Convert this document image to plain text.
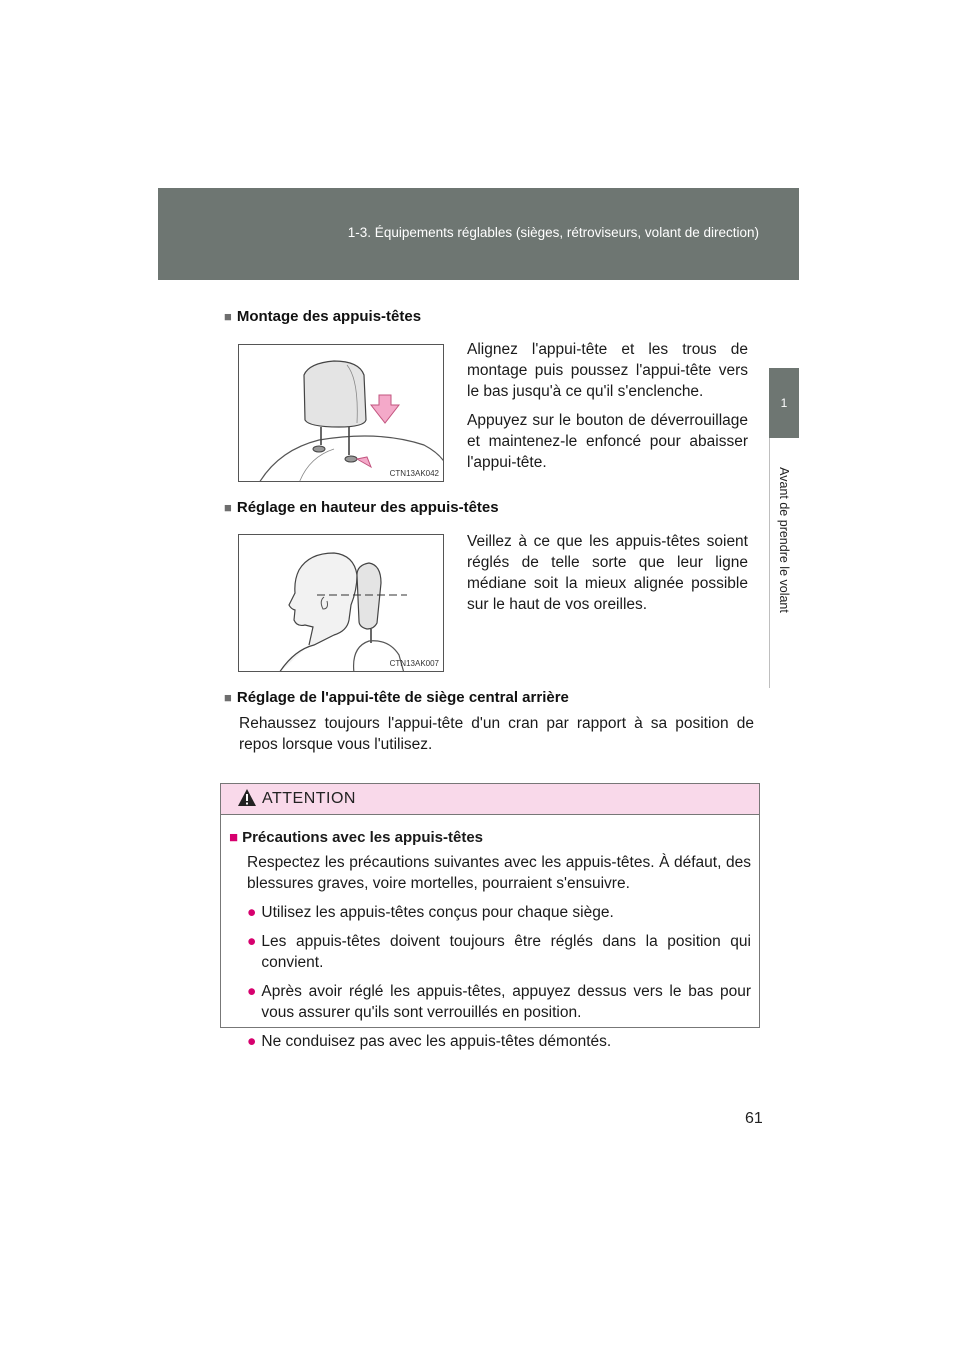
1-3. Équipements réglables (sièges, rétroviseurs, volant de direction)
1
Avant de prendre le volant
■ Montage des appuis-têtes
CTN13AK042

Alignez l'appui-tête et les trous de montage puis poussez l'appui-tête vers le bas jusqu'à ce qu'il s'enclenche.

Appuyez sur le bouton de déverrouillage et maintenez-le enfoncé pour abaisser l'appui-tête.

■ Réglage en hauteur des appuis-têtes
CTN13AK007

Veillez à ce que les appuis-têtes soient réglés de telle sorte que leur ligne médiane soit la mieux alignée possible sur le haut de vos oreilles.

■ Réglage de l'appui-tête de siège central arrière

Rehaussez toujours l'appui-tête d'un cran par rapport à sa position de repos lorsque vous l'utilisez.

ATTENTION
■ Précautions avec les appuis-têtes

Respectez les précautions suivantes avec les appuis-têtes. À défaut, des blessures graves, voire mortelles, pourraient s'ensuivre.

● Utilisez les appuis-têtes conçus pour chaque siège.
● Les appuis-têtes doivent toujours être réglés dans la position qui convient.
● Après avoir réglé les appuis-têtes, appuyez dessus vers le bas pour vous assurer qu'ils sont verrouillés en position.
● Ne conduisez pas avec les appuis-têtes démontés.
61
